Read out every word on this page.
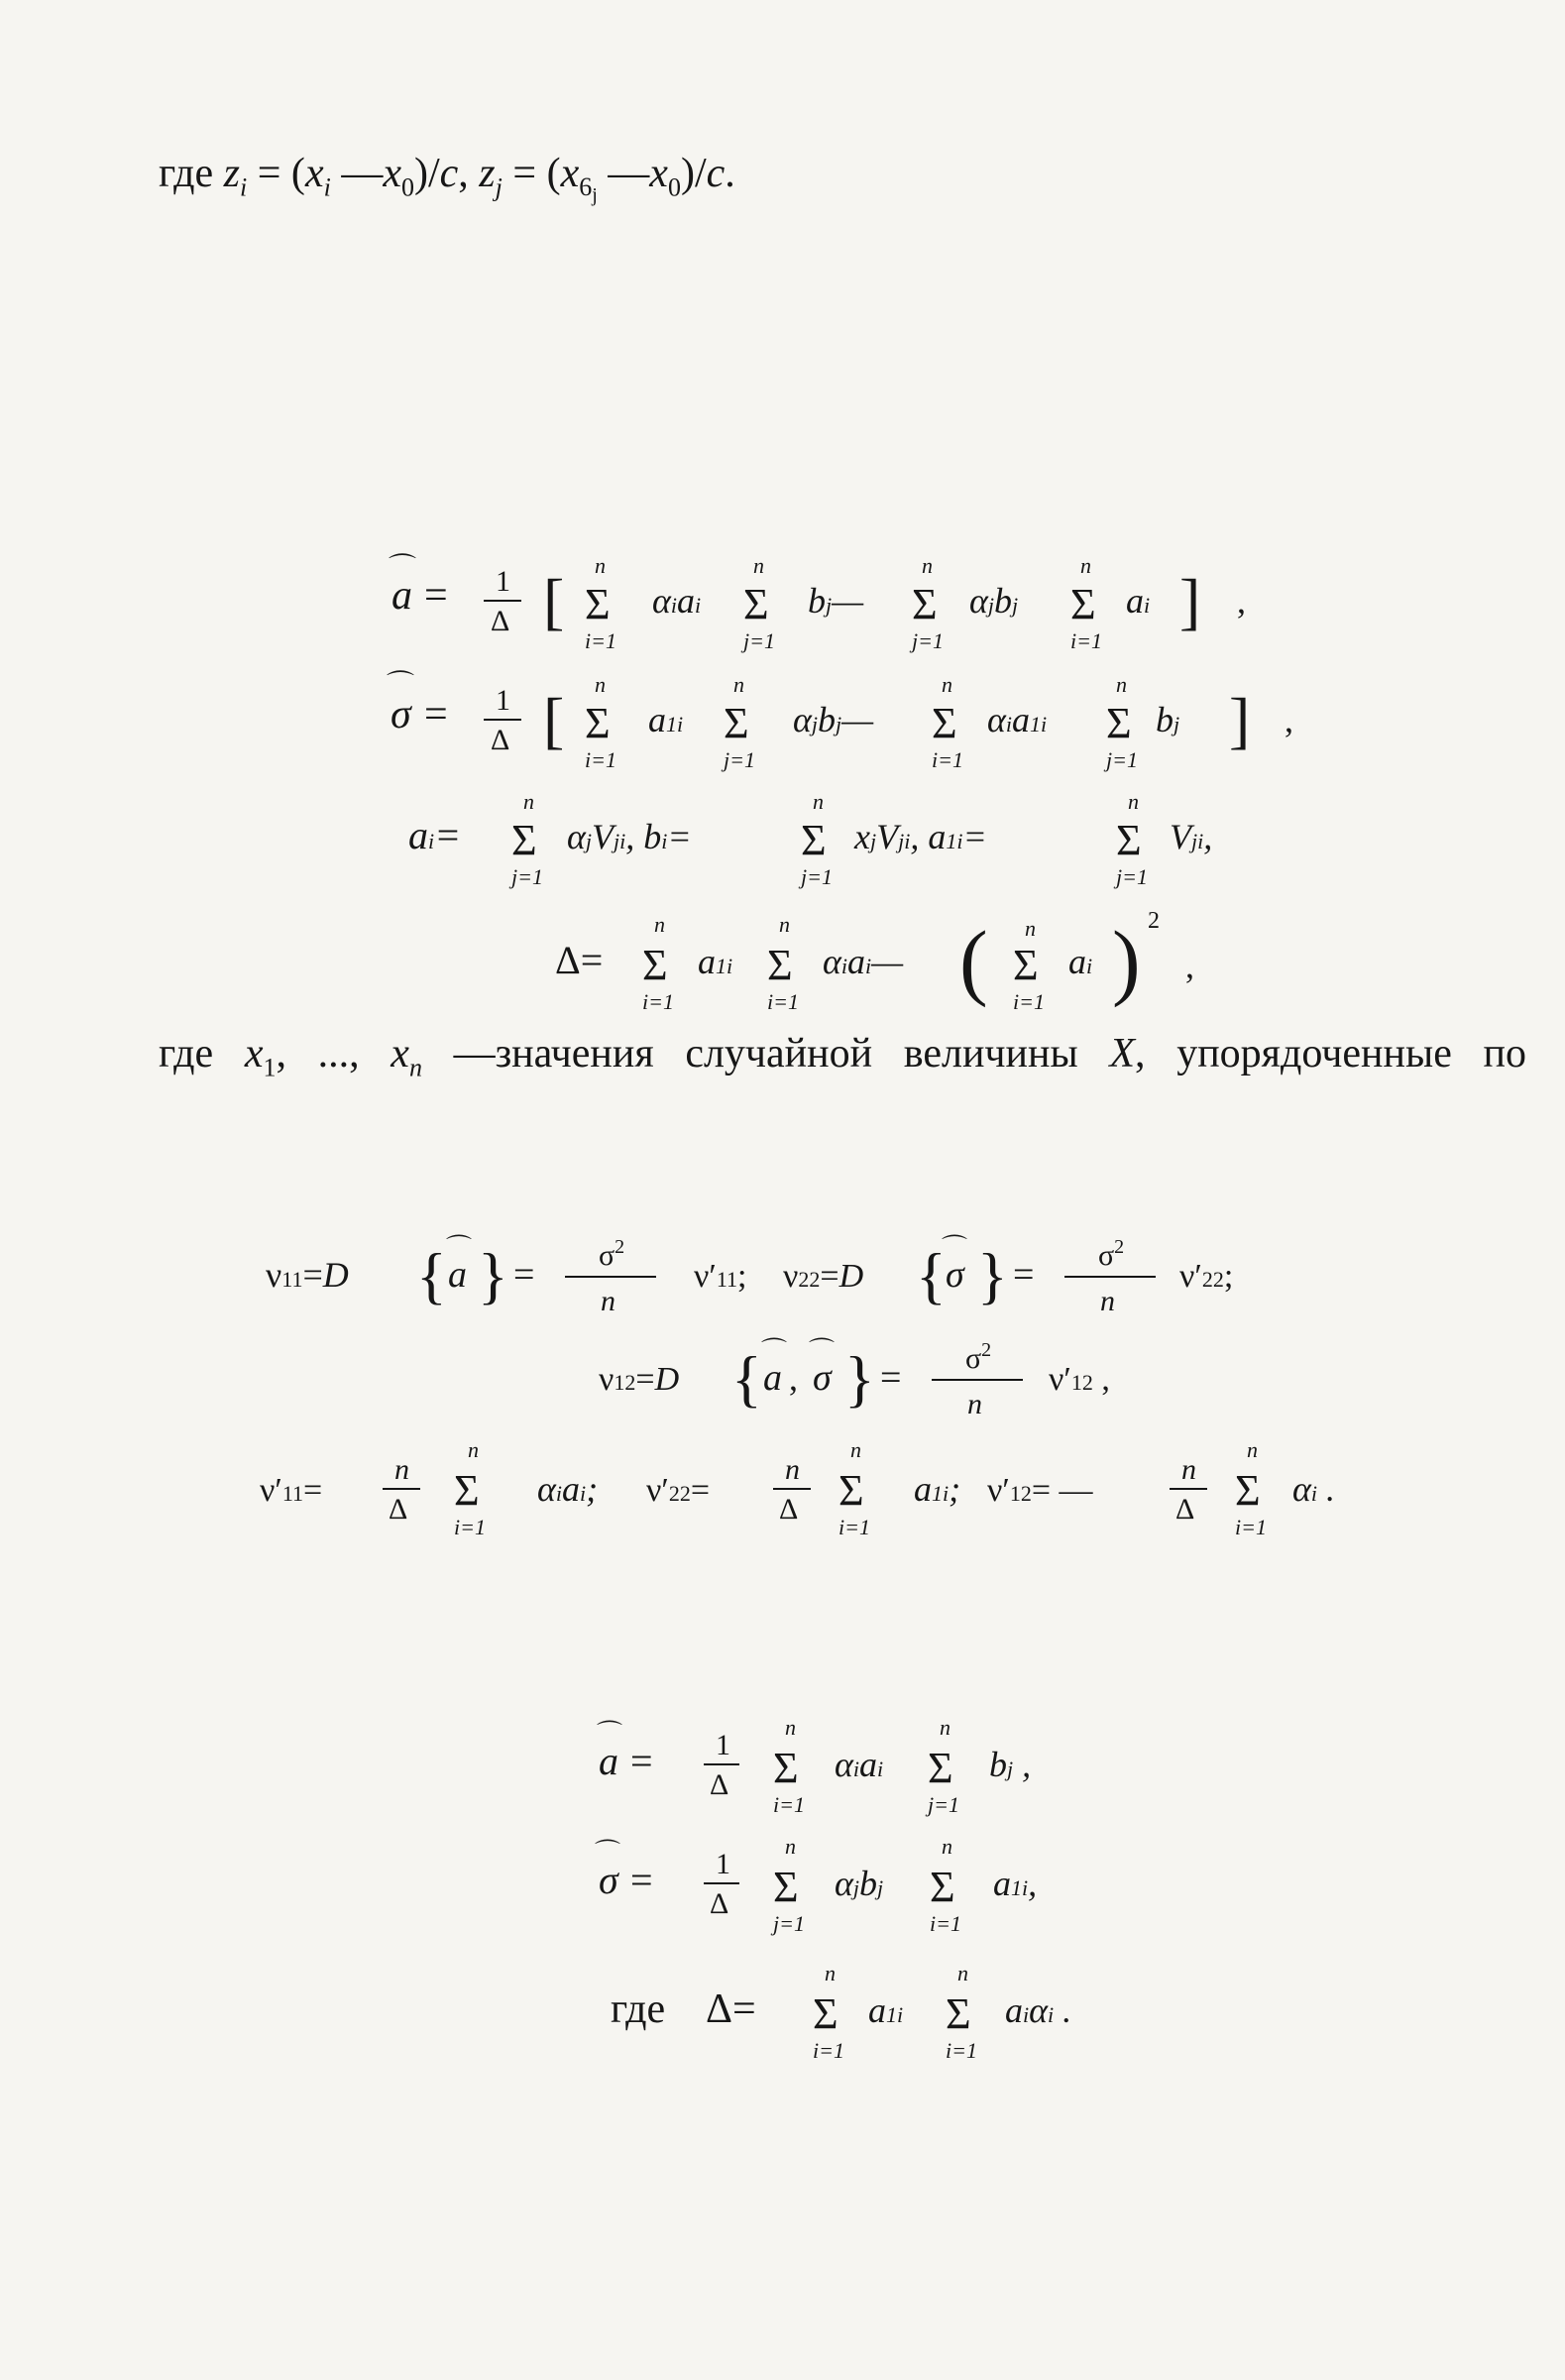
где $z_i = (x_i$ $—x_0)/c$, $z_j = (x_{6_j}$ $—x_0)/c$.
a
⌒
= 1
Δ [
n
Σ
i=1
αiai
n
Σ
j=1
bj—
n
Σ
j=1
αjbj
n
Σ
i=1
ai ] ,
σ
⌒
= 1
Δ [
n
Σ
i=1
a1i
n
Σ
j=1
αjbj—
n
Σ
i=1
αia1i
n
Σ
j=1
bj ] ,
ai=
n
Σ
j=1
αjVji, bi=
n
Σ
j=1
xjVji, a1i=
n
Σ
j=1
Vji,
Δ=
n
Σ
i=1
a1i
n
Σ
i=1
αiai— ( n
Σ
i=1
ai ) 2
,
где $x_1$, ..., $x_n$ —значения случайной величины X, упорядоченные по
ν11=D { a
⌒ } = $\sigma^2$
n
ν′11; ν22=D { σ
⌒ } = $\sigma^2$
n
ν′22;
ν12=D { a
⌒
, σ
⌒ } = $\sigma^2$
n
ν′12 ,
ν′11=
n
Δ
n
Σ
i=1
αiai; ν′22=
n
Δ
n
Σ
i=1
a1i; ν′12= —
n
Δ
n
Σ
i=1
αi .
a
⌒
= 1
Δ
n
Σ
i=1
αiai
n
Σ
j=1
bj ,
σ
⌒
= 1
Δ
n
Σ
j=1
αjbj
n
Σ
i=1
a1i,
где Δ=
n
Σ
i=1
a1i
n
Σ
i=1
aiαi .
